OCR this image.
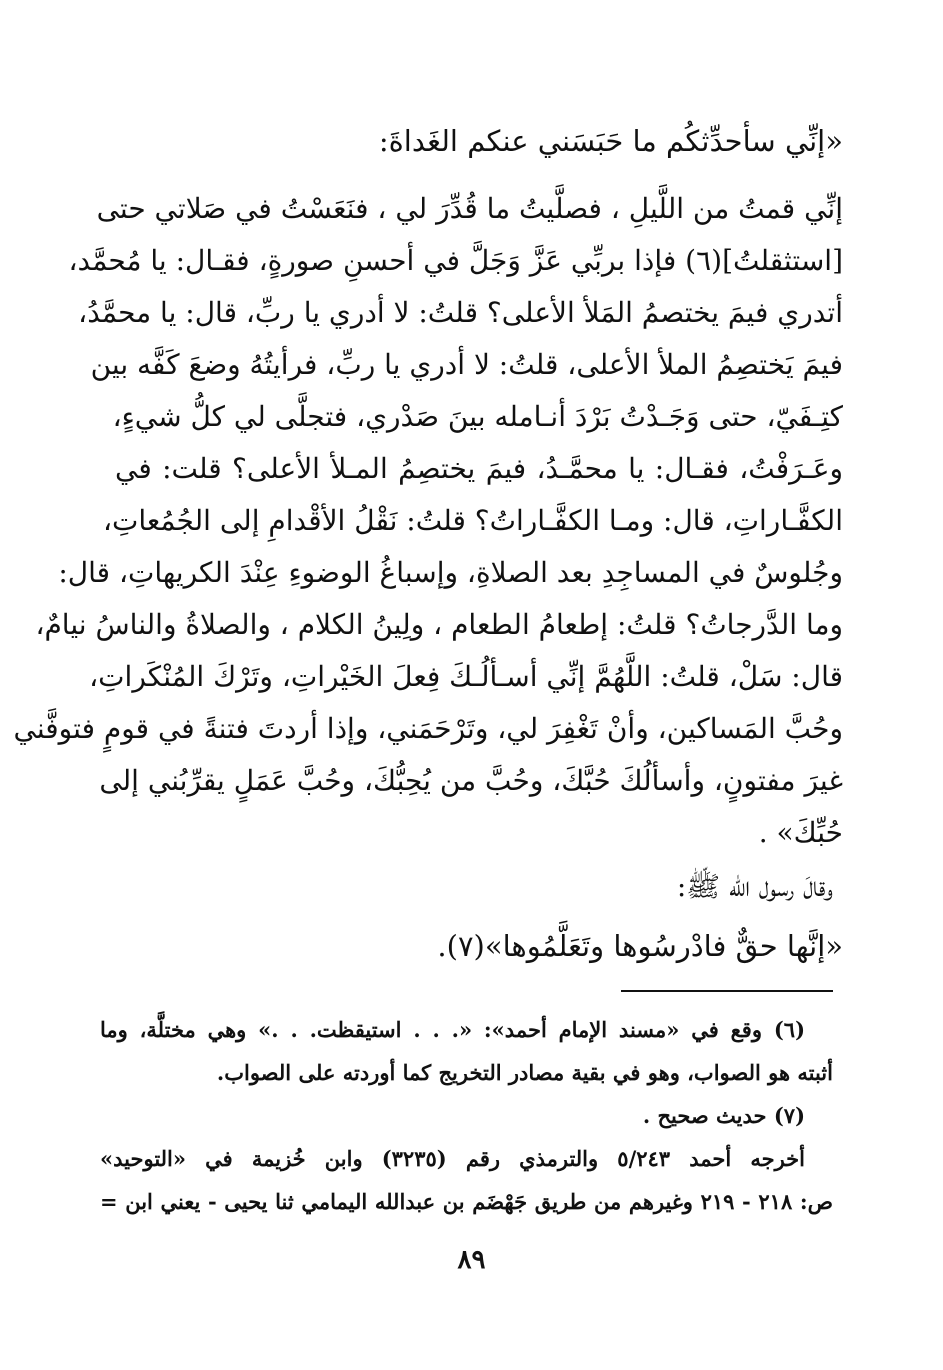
«إنِّي سأحدِّثكُم ما حَبَسَني عنكم الغَداةَ:
إنِّي قمتُ من اللَّيلِ ، فصلَّيتُ ما قُدِّرَ لي ، فنَعَسْتُ في صَلاتي حتى
[استثقلتُ](٦) فإذا بربِّي عَزَّ وَجَلَّ في أحسنِ صورةٍ، فقـال: يا مُحمَّد،
أتدري فيمَ يختصمُ المَلأ الأعلى؟ قلتُ: لا أدري يا ربِّ، قال: يا محمَّدُ،
فيمَ يَختصِمُ الملأ الأعلى، قلتُ: لا أدري يا ربِّ، فرأيتُهُ وضعَ كَفَّه بين
كتِـفَيّ، حتى وَجَـدْتُ بَرْدَ أنـامله بينَ صَدْري، فتجلَّى لي كلُّ شيءٍ،
وعَـرَفْتُ، فقـال: يا محمَّـدُ، فيمَ يختصِمُ المـلأ الأعلى؟ قلت: في
الكفَّـاراتِ، قال: ومـا الكفَّـاراتُ؟ قلتُ: نَقْلُ الأقْدامِ إلى الجُمُعاتِ،
وجُلوسٌ في المساجِدِ بعد الصلاةِ، وإسباغُ الوضوءِ عِنْدَ الكريهاتِ، قال:
وما الدَّرجاتُ؟ قلتُ: إطعامُ الطعام ، ولِينُ الكلام ، والصلاةُ والناسُ نيامٌ،
قال: سَلْ، قلتُ: اللَّهُمَّ إنِّي أسـألُـكَ فِعلَ الخَيْراتِ، وتَرْكَ المُنْكَراتِ،
وحُبَّ المَساكين، وأنْ تَغْفِرَ لي، وتَرْحَمَني، وإذا أردتَ فتنةً في قومٍ فتوفَّني
غيرَ مفتونٍ، وأسألُكَ حُبَّكَ، وحُبَّ من يُحِبُّكَ، وحُبَّ عَمَلٍ يقرِّبُني إلى
حُبِّكَ» .
وقالَ رسول الله ﷺ:
«إنَّها حقٌّ فادْرسُوها وتَعَلَّمُوها»(٧).
(٦) وقع في «مسند الإمام أحمد»: «. . . استيقظت. . .» وهي مختلَّة، وما
أثبته هو الصواب، وهو في بقية مصادر التخريج كما أوردته على الصواب.
(٧) حديث صحيح .
أخرجه أحمد ٥/٢٤٣ والترمذي رقم (٣٢٣٥) وابن خُزيمة في «التوحيد»
ص: ٢١٨ - ٢١٩ وغيرهم من طريق جَهْضَم بن عبدالله اليمامي ثنا يحيى - يعني ابن =
٨٩
